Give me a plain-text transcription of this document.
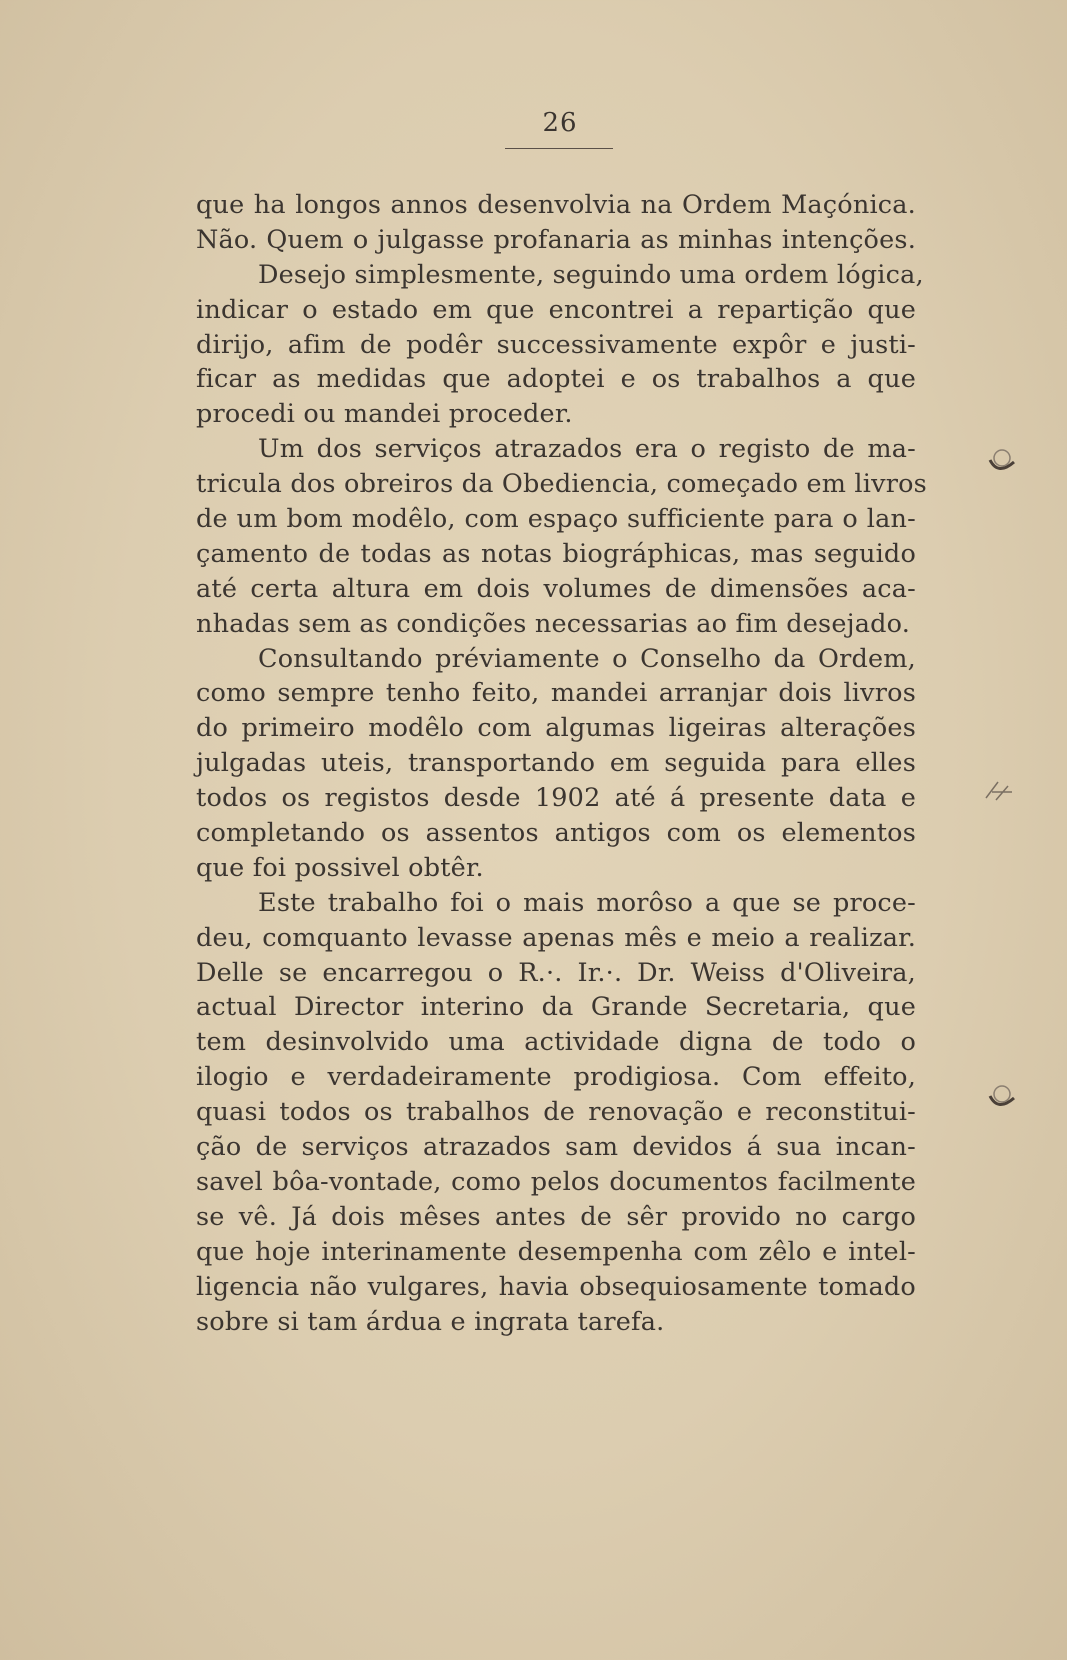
26
que ha longos annos desenvolvia na Ordem Maçónica.
Não. Quem o julgasse profanaria as minhas intenções.
Desejo simplesmente, seguindo uma ordem lógica,
indicar o estado em que encontrei a repartição que
dirijo, afim de podêr successivamente expôr e justi-
ficar as medidas que adoptei e os trabalhos a que
procedi ou mandei proceder.
Um dos serviços atrazados era o registo de ma-
tricula dos obreiros da Obediencia, começado em livros
de um bom modêlo, com espaço sufficiente para o lan-
çamento de todas as notas biográphicas, mas seguido
até certa altura em dois volumes de dimensões aca-
nhadas sem as condições necessarias ao fim desejado.
Consultando préviamente o Conselho da Ordem,
como sempre tenho feito, mandei arranjar dois livros
do primeiro modêlo com algumas ligeiras alterações
julgadas uteis, transportando em seguida para elles
todos os registos desde 1902 até á presente data e
completando os assentos antigos com os elementos
que foi possivel obtêr.
Este trabalho foi o mais morôso a que se proce-
deu, comquanto levasse apenas mês e meio a realizar.
Delle se encarregou o R.·. Ir.·. Dr. Weiss d'Oliveira,
actual Director interino da Grande Secretaria, que
tem desinvolvido uma actividade digna de todo o
ilogio e verdadeiramente prodigiosa. Com effeito,
quasi todos os trabalhos de renovação e reconstitui-
ção de serviços atrazados sam devidos á sua incan-
savel bôa-vontade, como pelos documentos facilmente
se vê. Já dois mêses antes de sêr provido no cargo
que hoje interinamente desempenha com zêlo e intel-
ligencia não vulgares, havia obsequiosamente tomado
sobre si tam árdua e ingrata tarefa.
